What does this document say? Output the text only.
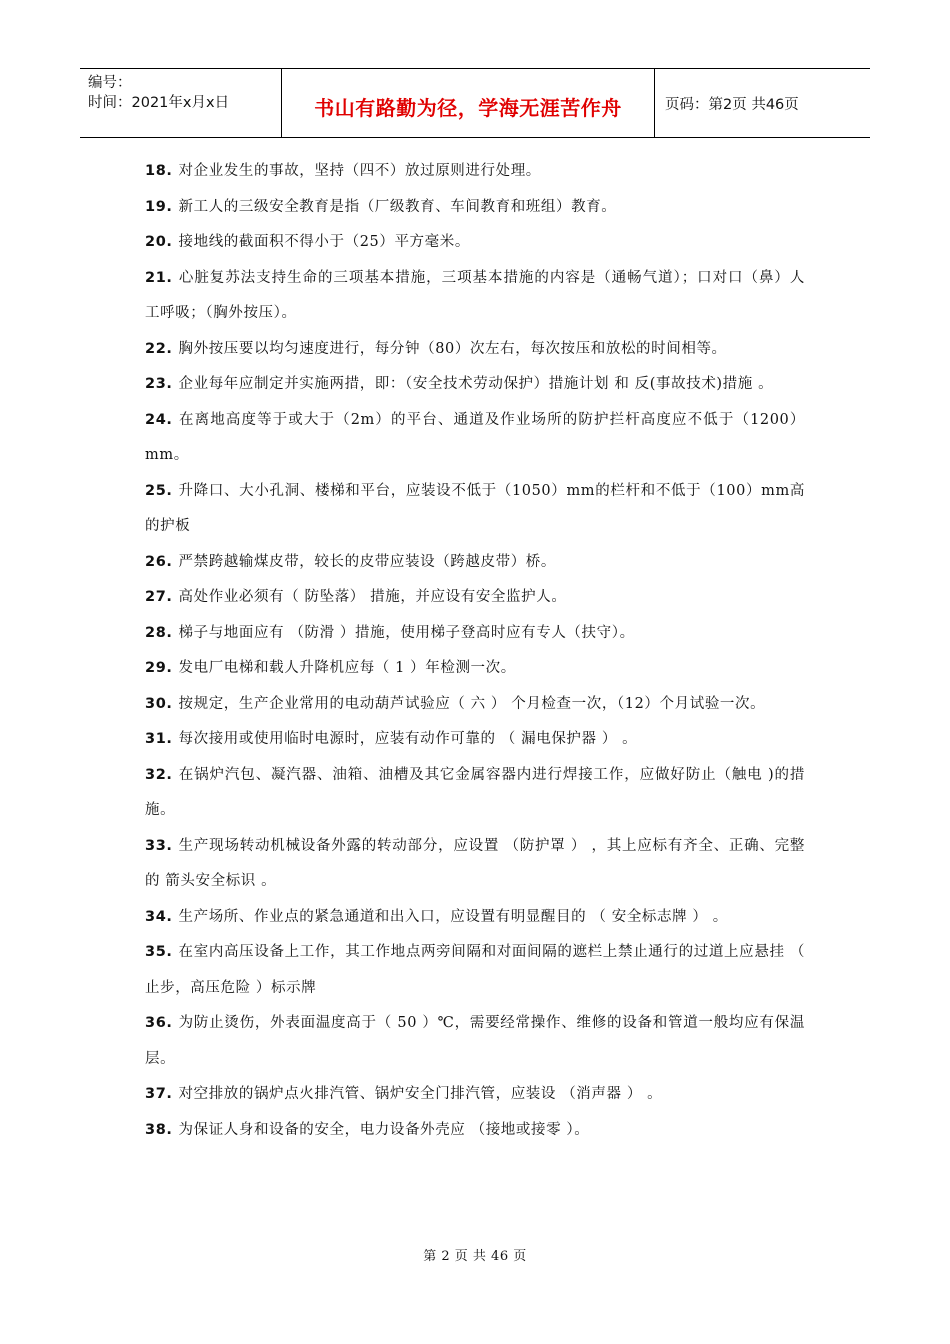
编号：
时间：2021年x月x日	书山有路勤为径，学海无涯苦作舟	页码：第2页 共46页
18. 对企业发生的事故，坚持（四不）放过原则进行处理。
19. 新工人的三级安全教育是指（厂级教育、车间教育和班组）教育。
20. 接地线的截面积不得小于（25）平方毫米。
21. 心脏复苏法支持生命的三项基本措施，三项基本措施的内容是（通畅气道）；口对口（鼻）人工呼吸；（胸外按压）。
22. 胸外按压要以均匀速度进行，每分钟（80）次左右，每次按压和放松的时间相等。
23. 企业每年应制定并实施两措，即：（安全技术劳动保护）措施计划 和 反(事故技术)措施 。
24. 在离地高度等于或大于（2m）的平台、通道及作业场所的防护拦杆高度应不低于（1200）mm。
25. 升降口、大小孔洞、楼梯和平台，应装设不低于（1050）mm的栏杆和不低于（100）mm高的护板
26. 严禁跨越输煤皮带，较长的皮带应装设（跨越皮带）桥。
27. 高处作业必须有（ 防坠落） 措施，并应设有安全监护人。
28. 梯子与地面应有 （防滑 ）措施，使用梯子登高时应有专人（扶守）。
29. 发电厂电梯和载人升降机应每（ 1 ）年检测一次。
30. 按规定，生产企业常用的电动葫芦试验应（ 六 ） 个月检查一次，（12）个月试验一次。
31. 每次接用或使用临时电源时，应装有动作可靠的 （ 漏电保护器 ） 。
32. 在锅炉汽包、凝汽器、油箱、油槽及其它金属容器内进行焊接工作，应做好防止（触电 )的措施。
33. 生产现场转动机械设备外露的转动部分，应设置 （防护罩 ） ，其上应标有齐全、正确、完整的 箭头安全标识 。
34. 生产场所、作业点的紧急通道和出入口，应设置有明显醒目的 （ 安全标志牌 ） 。
35. 在室内高压设备上工作，其工作地点两旁间隔和对面间隔的遮栏上禁止通行的过道上应悬挂 （ 止步，高压危险 ）标示牌
36. 为防止烫伤，外表面温度高于（ 50 ）℃，需要经常操作、维修的设备和管道一般均应有保温层。
37. 对空排放的锅炉点火排汽管、锅炉安全门排汽管，应装设 （消声器 ） 。
38. 为保证人身和设备的安全，电力设备外壳应 （接地或接零 ）。
第 2 页 共 46 页
